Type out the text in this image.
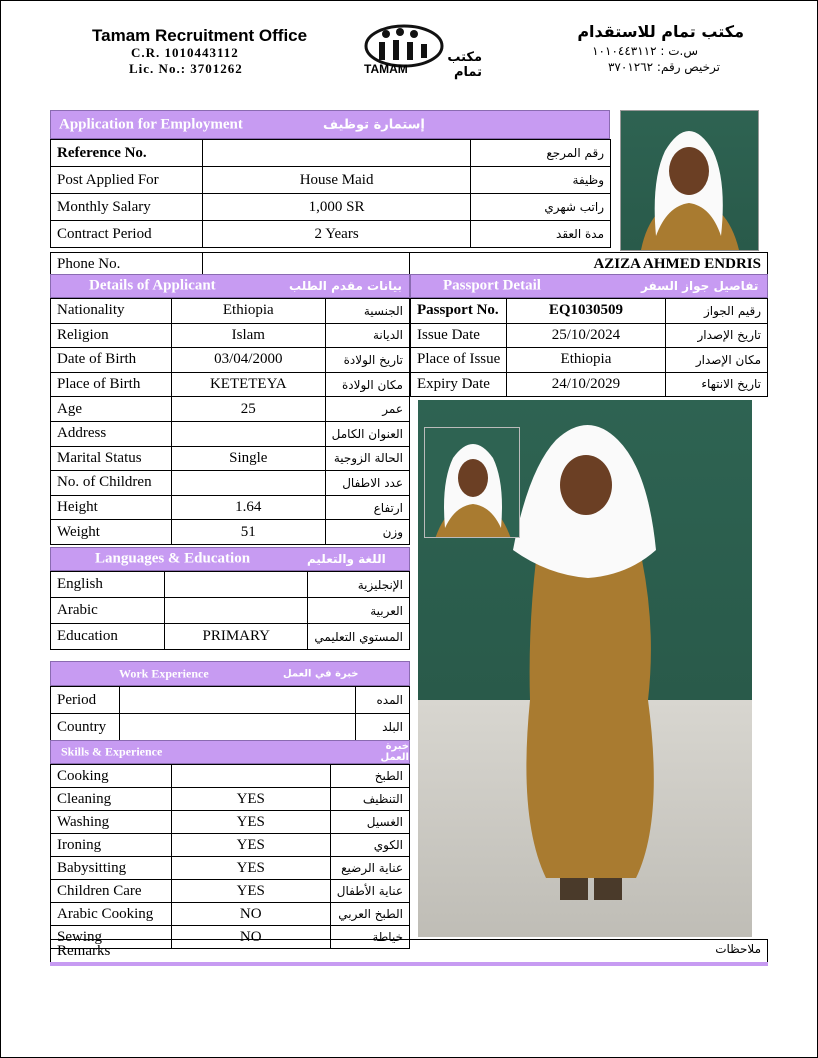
Tamam Recruitment Office
C.R. 1010443112
Lic. No.: 3701262	TAMAM
مكتب تمام
مكتب تمام للاستقدام
س.ت : ١٠١٠٤٤٣١١٢
ترخيص رقم: ٣٧٠١٢٦٢
Application for Employment	إستمارة توظيف
Reference No.		رقم المرجع
Post Applied For	House Maid	وظيفة
Monthly Salary	1,000 SR	راتب شهري
Contract Period	2 Years	مدة العقد
Phone No.		AZIZA AHMED ENDRIS
Details of Applicant	بيانات مقدم الطلب
Nationality	Ethiopia	الجنسية
Religion	Islam	الديانة
Date of Birth	03/04/2000	تاريخ الولادة
Place of Birth	KETETEYA	مكان الولادة
Age	25	عمر
Address		العنوان الكامل
Marital Status	Single	الحالة الزوجية
No. of Children		عدد الاطفال
Height	1.64	ارتفاع
Weight	51	وزن
Passport Detail	تفاصيل جواز السفر
Passport No.	EQ1030509	رقيم الجواز
Issue Date	25/10/2024	تاريخ الإصدار
Place of Issue	Ethiopia	مكان الإصدار
Expiry Date	24/10/2029	تاريخ الانتهاء
Languages & Education	اللغة والتعليم
English		الإنجليزية
Arabic		العربية
Education	PRIMARY	المستوي التعليمي
Work Experience	خبرة في العمل
Period		المده
Country		البلد
Skills & Experience	خبرة العمل
Cooking		الطبخ
Cleaning	YES	التنظيف
Washing	YES	الغسيل
Ironing	YES	الكوي
Babysitting	YES	عناية الرضيع
Children Care	YES	عناية الأطفال
Arabic Cooking	NO	الطبخ العربي
Sewing	NO	خياطة
Remarks	ملاحظات
